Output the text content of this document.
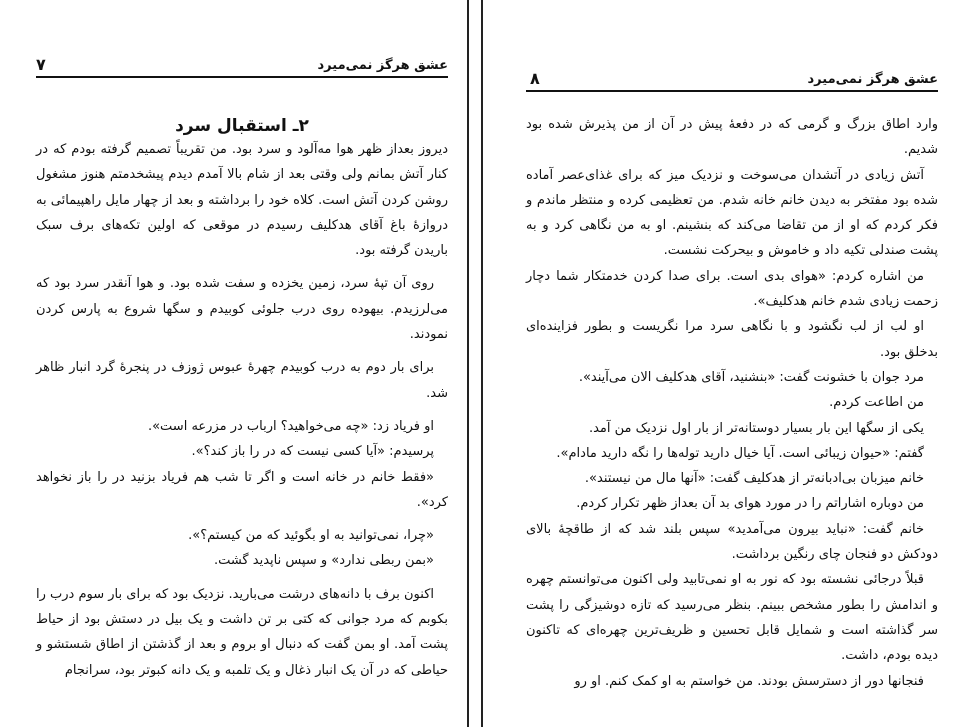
عشق هرگز نمی‌میرد
۷
۲ـ استقبال سرد

دیروز بعداز ظهر هوا مه‌آلود و سرد بود. من تقریباً تصمیم گرفته بودم که در کنار آتش بمانم ولی وقتی بعد از شام بالا آمدم دیدم پیشخدمتم هنوز مشغول روشن کردن آتش است. کلاه خود را برداشته و بعد از چهار مایل راهپیمائی به دروازهٔ باغ آقای هدکلیف رسیدم در موقعی که اولین تکه‌های برف سبک باریدن گرفته بود.

روی آن تپهٔ سرد، زمین یخزده و سفت شده بود. و هوا آنقدر سرد بود که می‌لرزیدم. بیهوده روی درب جلوئی کوبیدم و سگها شروع به پارس کردن نمودند.

برای بار دوم به درب کوبیدم چهرهٔ عبوس ژوزف در پنجرهٔ گرد انبار ظاهر شد.

او فریاد زد: «چه می‌خواهید؟ ارباب در مزرعه است».

پرسیدم: «آیا کسی نیست که در را باز کند؟».

«فقط خانم در خانه است و اگر تا شب هم فریاد بزنید در را باز نخواهد کرد».

«چرا، نمی‌توانید به او بگوئید که من کیستم؟».

«بمن ربطی ندارد» و سپس ناپدید گشت.

اکنون برف با دانه‌های درشت می‌بارید. نزدیک بود که برای بار سوم درب را بکوبم که مرد جوانی که کتی بر تن داشت و یک بیل در دستش بود از حیاط پشت آمد. او بمن گفت که دنبال او بروم و بعد از گذشتن از اطاق شستشو و حیاطی که در آن یک انبار ذغال و یک تلمبه و یک دانه کبوتر بود، سرانجام

عشق هرگز نمی‌میرد
۸

وارد اطاق بزرگ و گرمی که در دفعهٔ پیش در آن از من پذیرش شده بود شدیم.

آتش زیادی در آتشدان می‌سوخت و نزدیک میز که برای غذای‌عصر آماده شده بود مفتخر به دیدن خانم خانه شدم. من تعظیمی کرده و منتظر ماندم و فکر کردم که او از من تقاضا می‌کند که بنشینم. او به من نگاهی کرد و به پشت صندلی تکیه داد و خاموش و بیحرکت نشست.

من اشاره کردم: «هوای بدی است. برای صدا کردن خدمتکار شما دچار زحمت زیادی شدم خانم هدکلیف».

او لب از لب نگشود و با نگاهی سرد مرا نگریست و بطور فزاینده‌ای بدخلق بود.

مرد جوان با خشونت گفت: «بنشنید، آقای هدکلیف الان می‌آیند».

من اطاعت کردم.

یکی از سگها این بار بسیار دوستانه‌تر از بار اول نزدیک من آمد.

گفتم: «حیوان زیبائی است. آیا خیال دارید توله‌ها را نگه دارید مادام».

خانم میزبان بی‌ادبانه‌تر از هدکلیف گفت: «آنها مال من نیستند».

من دوباره اشاراتم را در مورد هوای بد آن بعداز ظهر تکرار کردم.

خانم گفت: «نباید بیرون می‌آمدید» سپس بلند شد که از طاقچهٔ بالای دودکش دو فنجان چای رنگین برداشت.

قبلاً درجائی نشسته بود که نور به او نمی‌تابید ولی اکنون می‌توانستم چهره و اندامش را بطور مشخص ببینم. بنظر می‌رسید که تازه دوشیزگی را پشت سر گذاشته است و شمایل قابل تحسین و ظریف‌ترین چهره‌ای که تاکنون دیده بودم، داشت.

فنجانها دور از دسترسش بودند. من خواستم به او کمک کنم. او رو
